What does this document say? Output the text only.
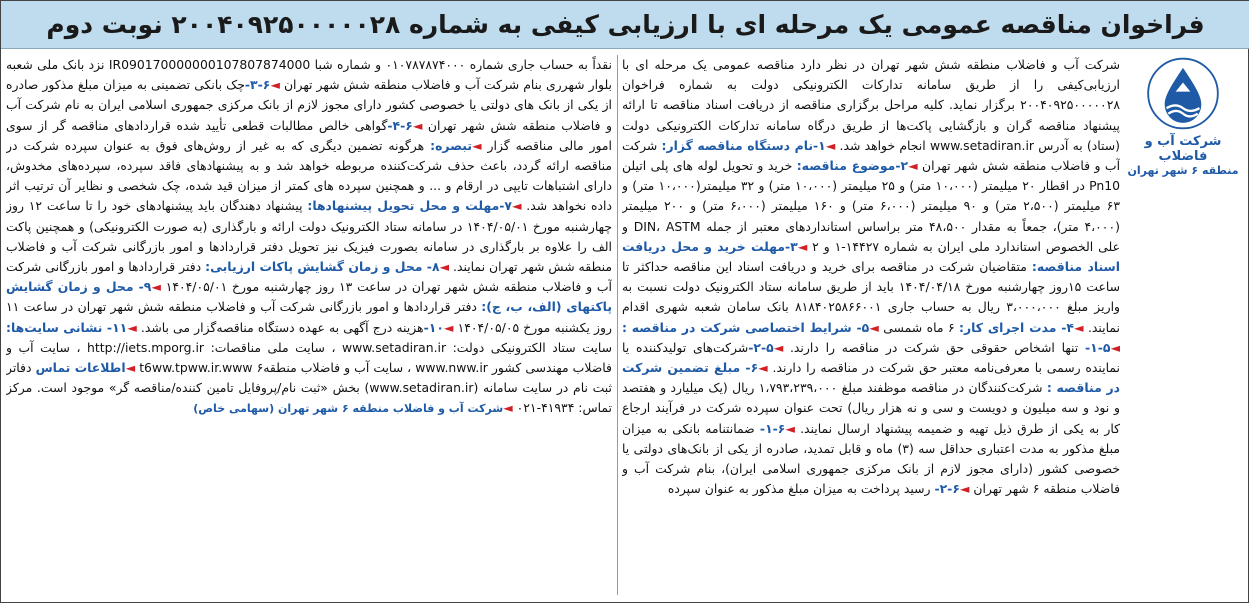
فراخوان مناقصه عمومی یک مرحله ای با ارزیابی کیفی به شماره ۲۰۰۴۰۹۲۵۰۰۰۰۰۲۸ نوبت دوم
شرکت آب و فاضلاب
منطقه ۶ شهر تهران

شرکت آب و فاضلاب منطقه شش شهر تهران در نظر دارد مناقصه عمومی یک مرحله ای با ارزیابی‌کیفی را از طریق سامانه تدارکات الکترونیکی دولت به شماره فراخوان ۲۰۰۴۰۹۲۵۰۰۰۰۰۲۸ برگزار نماید. کلیه مراحل برگزاری مناقصه از دریافت اسناد مناقصه تا ارائه پیشنهاد مناقصه گران و بازگشایی پاکت‌ها از طریق درگاه سامانه تدارکات الکترونیکی دولت (ستاد) به آدرس www.setadiran.ir انجام خواهد شد. ◄۱-نام دستگاه مناقصه گزار: شرکت آب و فاضلاب منطقه شش شهر تهران ◄۲-موضوع مناقصه: خرید و تحویل لوله های پلی اتیلن Pn10 در اقطار ۲۰ میلیمتر (۱۰،۰۰۰ متر) و ۲۵ میلیمتر (۱۰،۰۰۰ متر) و ۳۲ میلیمتر(۱۰،۰۰۰ متر) و ۶۳ میلیمتر (۲،۵۰۰ متر) و ۹۰ میلیمتر (۶،۰۰۰ متر) و ۱۶۰ میلیمتر (۶،۰۰۰ متر) و ۲۰۰ میلیمتر (۴،۰۰۰ متر)، جمعاً به مقدار ۴۸،۵۰۰ متر براساس استانداردهای معتبر از جمله DIN، ASTM و علی الخصوص استاندارد ملی ایران به شماره ۱۴۴۲۷-۱ و ۲ ◄۳-مهلت خرید و محل دریافت اسناد مناقصه: متقاضیان شرکت در مناقصه برای خرید و دریافت اسناد این مناقصه حداکثر تا ساعت ۱۵روز چهارشنبه مورخ ۱۴۰۴/۰۴/۱۸ باید از طریق سامانه ستاد الکترونیک دولت نسبت به واریز مبلغ ۳،۰۰۰،۰۰۰ ریال به حساب جاری ۸۱۸۴۰۲۵۸۶۶۰۰۱ بانک سامان شعبه شهری اقدام نمایند. ◄۴- مدت اجرای کار: ۶ ماه شمسی ◄۵- شرایط اختصاصی شرکت در مناقصه : ◄۵-۱- تنها اشخاص حقوقی حق شرکت در مناقصه را دارند. ◄۵-۲-شرکت‌های تولیدکننده یا نماینده رسمی با معرفی‌نامه معتبر حق شرکت در مناقصه را دارند. ◄۶- مبلغ تضمین شرکت در مناقصه : شرکت‌کنندگان در مناقصه موظفند مبلغ ۱،۷۹۳،۲۳۹،۰۰۰ ریال (یک میلیارد و هفتصد و نود و سه میلیون و دویست و سی و نه هزار ریال) تحت عنوان سپرده شرکت در فرآیند ارجاع کار به یکی از طرق ذیل تهیه و ضمیمه پیشنهاد ارسال نمایند. ◄۶-۱- ضمانتنامه بانکی به میزان مبلغ مذکور به مدت اعتباری حداقل سه (۳) ماه و قابل تمدید، صادره از یکی از بانک‌های دولتی یا خصوصی کشور (دارای مجوز لازم از بانک مرکزی جمهوری اسلامی ایران)، بنام شرکت آب و فاضلاب منطقه ۶ شهر تهران ◄۶-۲- رسید پرداخت به میزان مبلغ مذکور به عنوان سپرده

نقداً به حساب جاری شماره ۰۱۰۷۸۷۸۷۴۰۰۰ و شماره شبا IR090170000000107807874000 نزد بانک ملی شعبه بلوار شهرری بنام شرکت آب و فاضلاب منطقه شش شهر تهران ◄۶-۳-چک بانکی تضمینی به میزان مبلغ مذکور صادره از یکی از بانک های دولتی یا خصوصی کشور دارای مجوز لازم از بانک مرکزی جمهوری اسلامی ایران به نام شرکت آب و فاضلاب منطقه شش شهر تهران ◄۶-۴-گواهی خالص مطالبات قطعی تأیید شده قراردادهای مناقصه گر از سوی امور مالی مناقصه گزار ◄تبصره: هرگونه تضمین دیگری که به غیر از روش‌های فوق به عنوان سپرده شرکت در مناقصه ارائه گردد، باعث حذف شرکت‌کننده مربوطه خواهد شد و به پیشنهادهای فاقد سپرده، سپرده‌های مخدوش، دارای اشتباهات تایپی در ارقام و ... و همچنین سپرده های کمتر از میزان قید شده، چک شخصی و نظایر آن ترتیب اثر داده نخواهد شد. ◄۷-مهلت و محل تحویل پیشنهادها: پیشنهاد دهندگان باید پیشنهادهای خود را تا ساعت ۱۲ روز چهارشنبه مورخ ۱۴۰۴/۰۵/۰۱ در سامانه ستاد الکترونیک دولت ارائه و بارگذاری (به صورت الکترونیکی) و همچنین پاکت الف را علاوه بر بارگذاری در سامانه بصورت فیزیک نیز تحویل دفتر قراردادها و امور بازرگانی شرکت آب و فاضلاب منطقه شش شهر تهران نمایند. ◄۸- محل و زمان گشایش پاکات ارزیابی: دفتر قراردادها و امور بازرگانی شرکت آب و فاضلاب منطقه شش شهر تهران در ساعت ۱۳ روز چهارشنبه مورخ ۱۴۰۴/۰۵/۰۱ ◄۹- محل و زمان گشایش پاکتهای (الف، ب، ج): دفتر قراردادها و امور بازرگانی شرکت آب و فاضلاب منطقه شش شهر تهران در ساعت ۱۱ روز یکشنبه مورخ ۱۴۰۴/۰۵/۰۵ ◄۱۰-هزینه درج آگهی به عهده دستگاه مناقصه‌گزار می باشد. ◄۱۱- نشانی سایت‌ها: سایت ستاد الکترونیکی دولت: www.setadiran.ir ، سایت ملی مناقصات: http://iets.mporg.ir ، سایت آب و فاضلاب مهندسی کشور www.nww.ir ، سایت آب و فاضلاب منطقه۶ t6ww.tpww.ir.www ◄اطلاعات تماس دفاتر ثبت نام در سایت سامانه (www.setadiran.ir) بخش «ثبت نام/پروفایل تامین کننده/مناقصه گر» موجود است. مرکز تماس: ۴۱۹۳۴-۰۲۱ ◄شرکت آب و فاضلاب منطقه ۶ شهر تهران (سهامی خاص)
